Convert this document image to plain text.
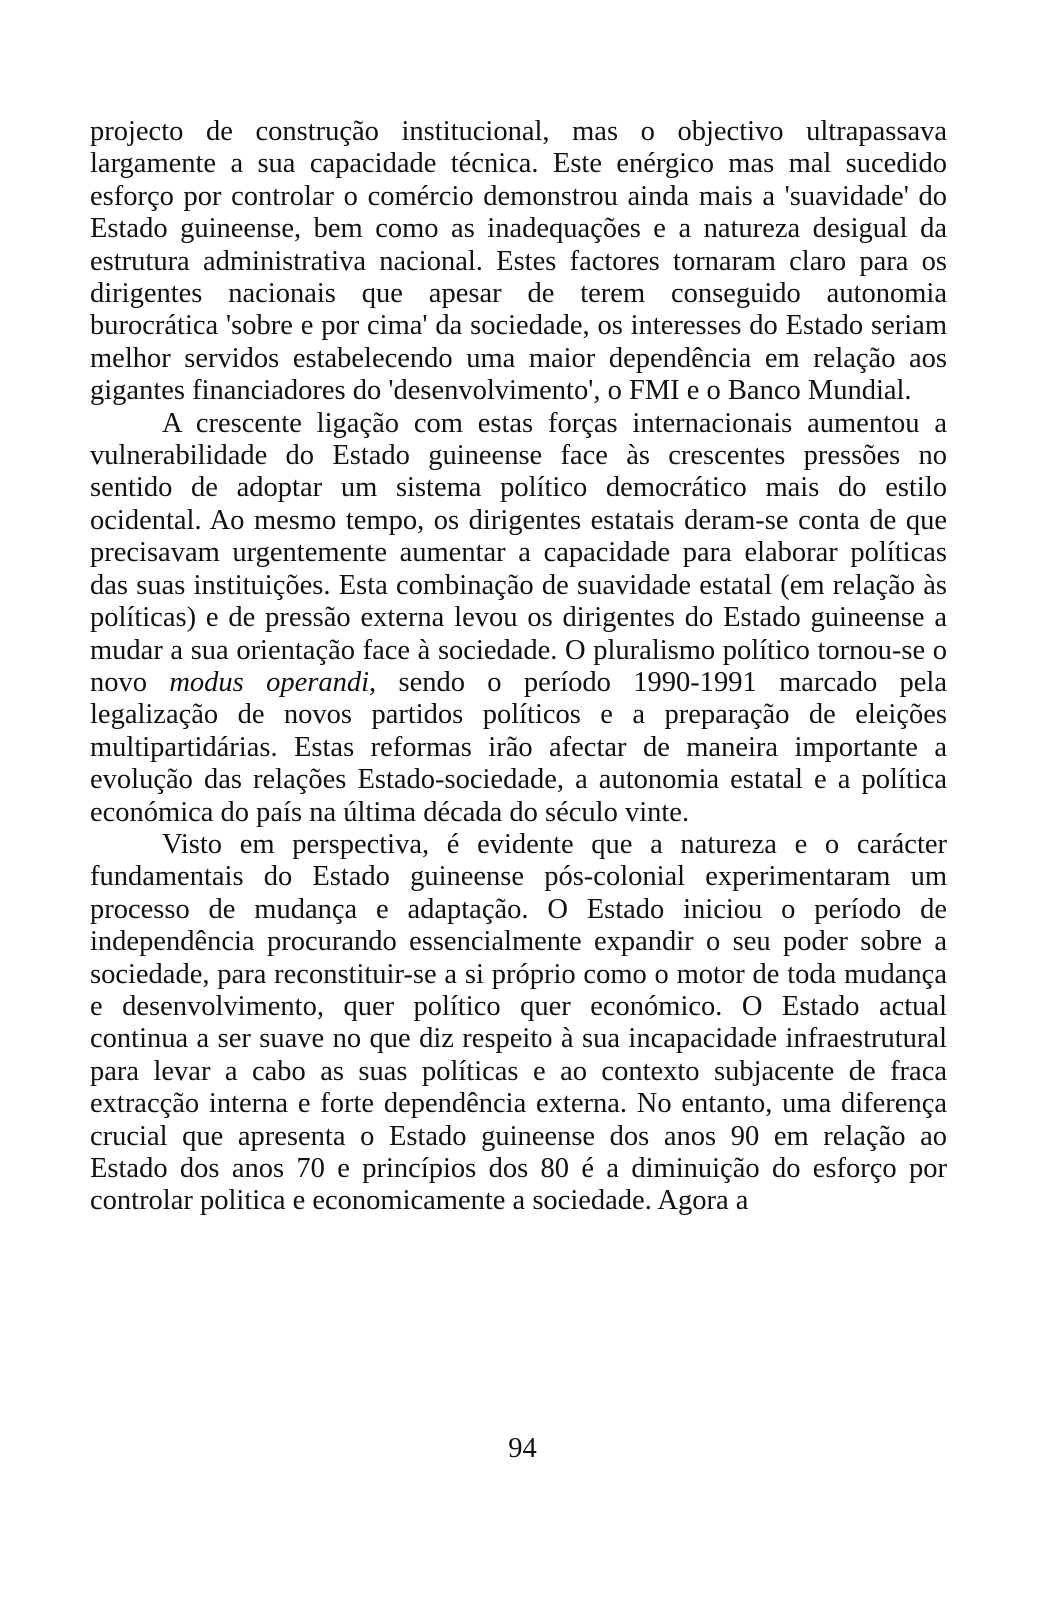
projecto de construção institucional, mas o objectivo ultrapassava largamente a sua capacidade técnica. Este enérgico mas mal sucedido esforço por controlar o comércio demonstrou ainda mais a 'suavidade' do Estado guineense, bem como as inadequações e a natureza desigual da estrutura administrativa nacional. Estes factores tornaram claro para os dirigentes nacionais que apesar de terem conseguido autonomia burocrática 'sobre e por cima' da sociedade, os interesses do Estado seriam melhor servidos estabelecendo uma maior dependência em relação aos gigantes financiadores do 'desenvolvimento', o FMI e o Banco Mundial.

A crescente ligação com estas forças internacionais aumentou a vulnerabilidade do Estado guineense face às crescentes pressões no sentido de adoptar um sistema político democrático mais do estilo ocidental. Ao mesmo tempo, os dirigentes estatais deram-se conta de que precisavam urgentemente aumentar a capacidade para elaborar políticas das suas instituições. Esta combinação de suavidade estatal (em relação às políticas) e de pressão externa levou os dirigentes do Estado guineense a mudar a sua orientação face à sociedade. O pluralismo político tornou-se o novo modus operandi, sendo o período 1990-1991 marcado pela legalização de novos partidos políticos e a preparação de eleições multipartidárias. Estas reformas irão afectar de maneira importante a evolução das relações Estado-sociedade, a autonomia estatal e a política económica do país na última década do século vinte.

Visto em perspectiva, é evidente que a natureza e o carácter fundamentais do Estado guineense pós-colonial experimentaram um processo de mudança e adaptação. O Estado iniciou o período de independência procurando essencialmente expandir o seu poder sobre a sociedade, para reconstituir-se a si próprio como o motor de toda mudança e desenvolvimento, quer político quer económico. O Estado actual continua a ser suave no que diz respeito à sua incapacidade infraestrutural para levar a cabo as suas políticas e ao contexto subjacente de fraca extracção interna e forte dependência externa. No entanto, uma diferença crucial que apresenta o Estado guineense dos anos 90 em relação ao Estado dos anos 70 e princípios dos 80 é a diminuição do esforço por controlar politica e economicamente a sociedade. Agora a

94
